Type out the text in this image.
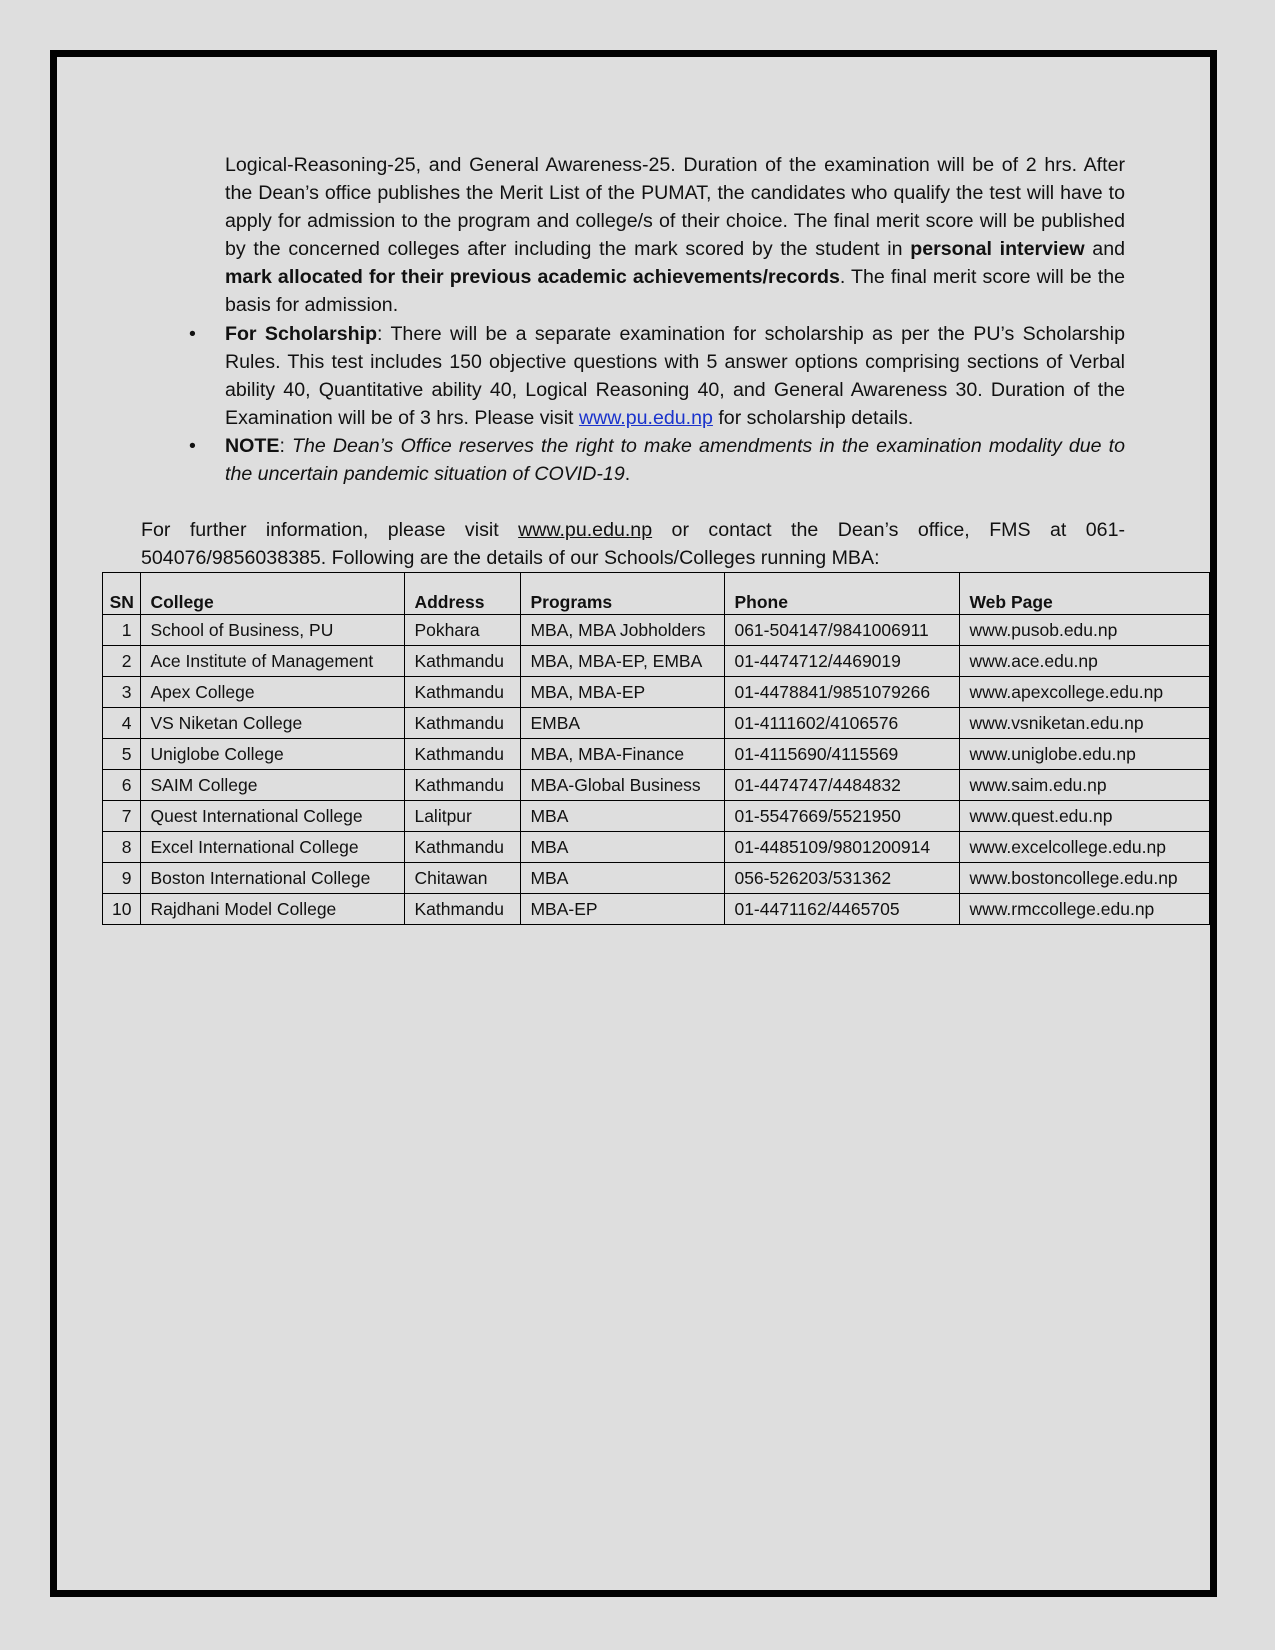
Logical-Reasoning-25, and General Awareness-25. Duration of the examination will be of 2 hrs. After the Dean’s office publishes the Merit List of the PUMAT, the candidates who qualify the test will have to apply for admission to the program and college/s of their choice. The final merit score will be published by the concerned colleges after including the mark scored by the student in personal interview and mark allocated for their previous academic achievements/records. The final merit score will be the basis for admission.

• For Scholarship: There will be a separate examination for scholarship as per the PU’s Scholarship Rules. This test includes 150 objective questions with 5 answer options comprising sections of Verbal ability 40, Quantitative ability 40, Logical Reasoning 40, and General Awareness 30. Duration of the Examination will be of 3 hrs. Please visit www.pu.edu.np for scholarship details.
• NOTE: The Dean’s Office reserves the right to make amendments in the examination modality due to the uncertain pandemic situation of COVID-19.

For further information, please visit www.pu.edu.np or contact the Dean’s office, FMS at 061-504076/9856038385. Following are the details of our Schools/Colleges running MBA:

SN	College	Address	Programs	Phone	Web Page
1	School of Business, PU	Pokhara	MBA, MBA Jobholders	061-504147/9841006911	www.pusob.edu.np
2	Ace Institute of Management	Kathmandu	MBA, MBA-EP, EMBA	01-4474712/4469019	www.ace.edu.np
3	Apex College	Kathmandu	MBA, MBA-EP	01-4478841/9851079266	www.apexcollege.edu.np
4	VS Niketan College	Kathmandu	EMBA	01-4111602/4106576	www.vsniketan.edu.np
5	Uniglobe College	Kathmandu	MBA, MBA-Finance	01-4115690/4115569	www.uniglobe.edu.np
6	SAIM College	Kathmandu	MBA-Global Business	01-4474747/4484832	www.saim.edu.np
7	Quest International College	Lalitpur	MBA	01-5547669/5521950	www.quest.edu.np
8	Excel International College	Kathmandu	MBA	01-4485109/9801200914	www.excelcollege.edu.np
9	Boston International College	Chitawan	MBA	056-526203/531362	www.bostoncollege.edu.np
10	Rajdhani Model College	Kathmandu	MBA-EP	01-4471162/4465705	www.rmccollege.edu.np
